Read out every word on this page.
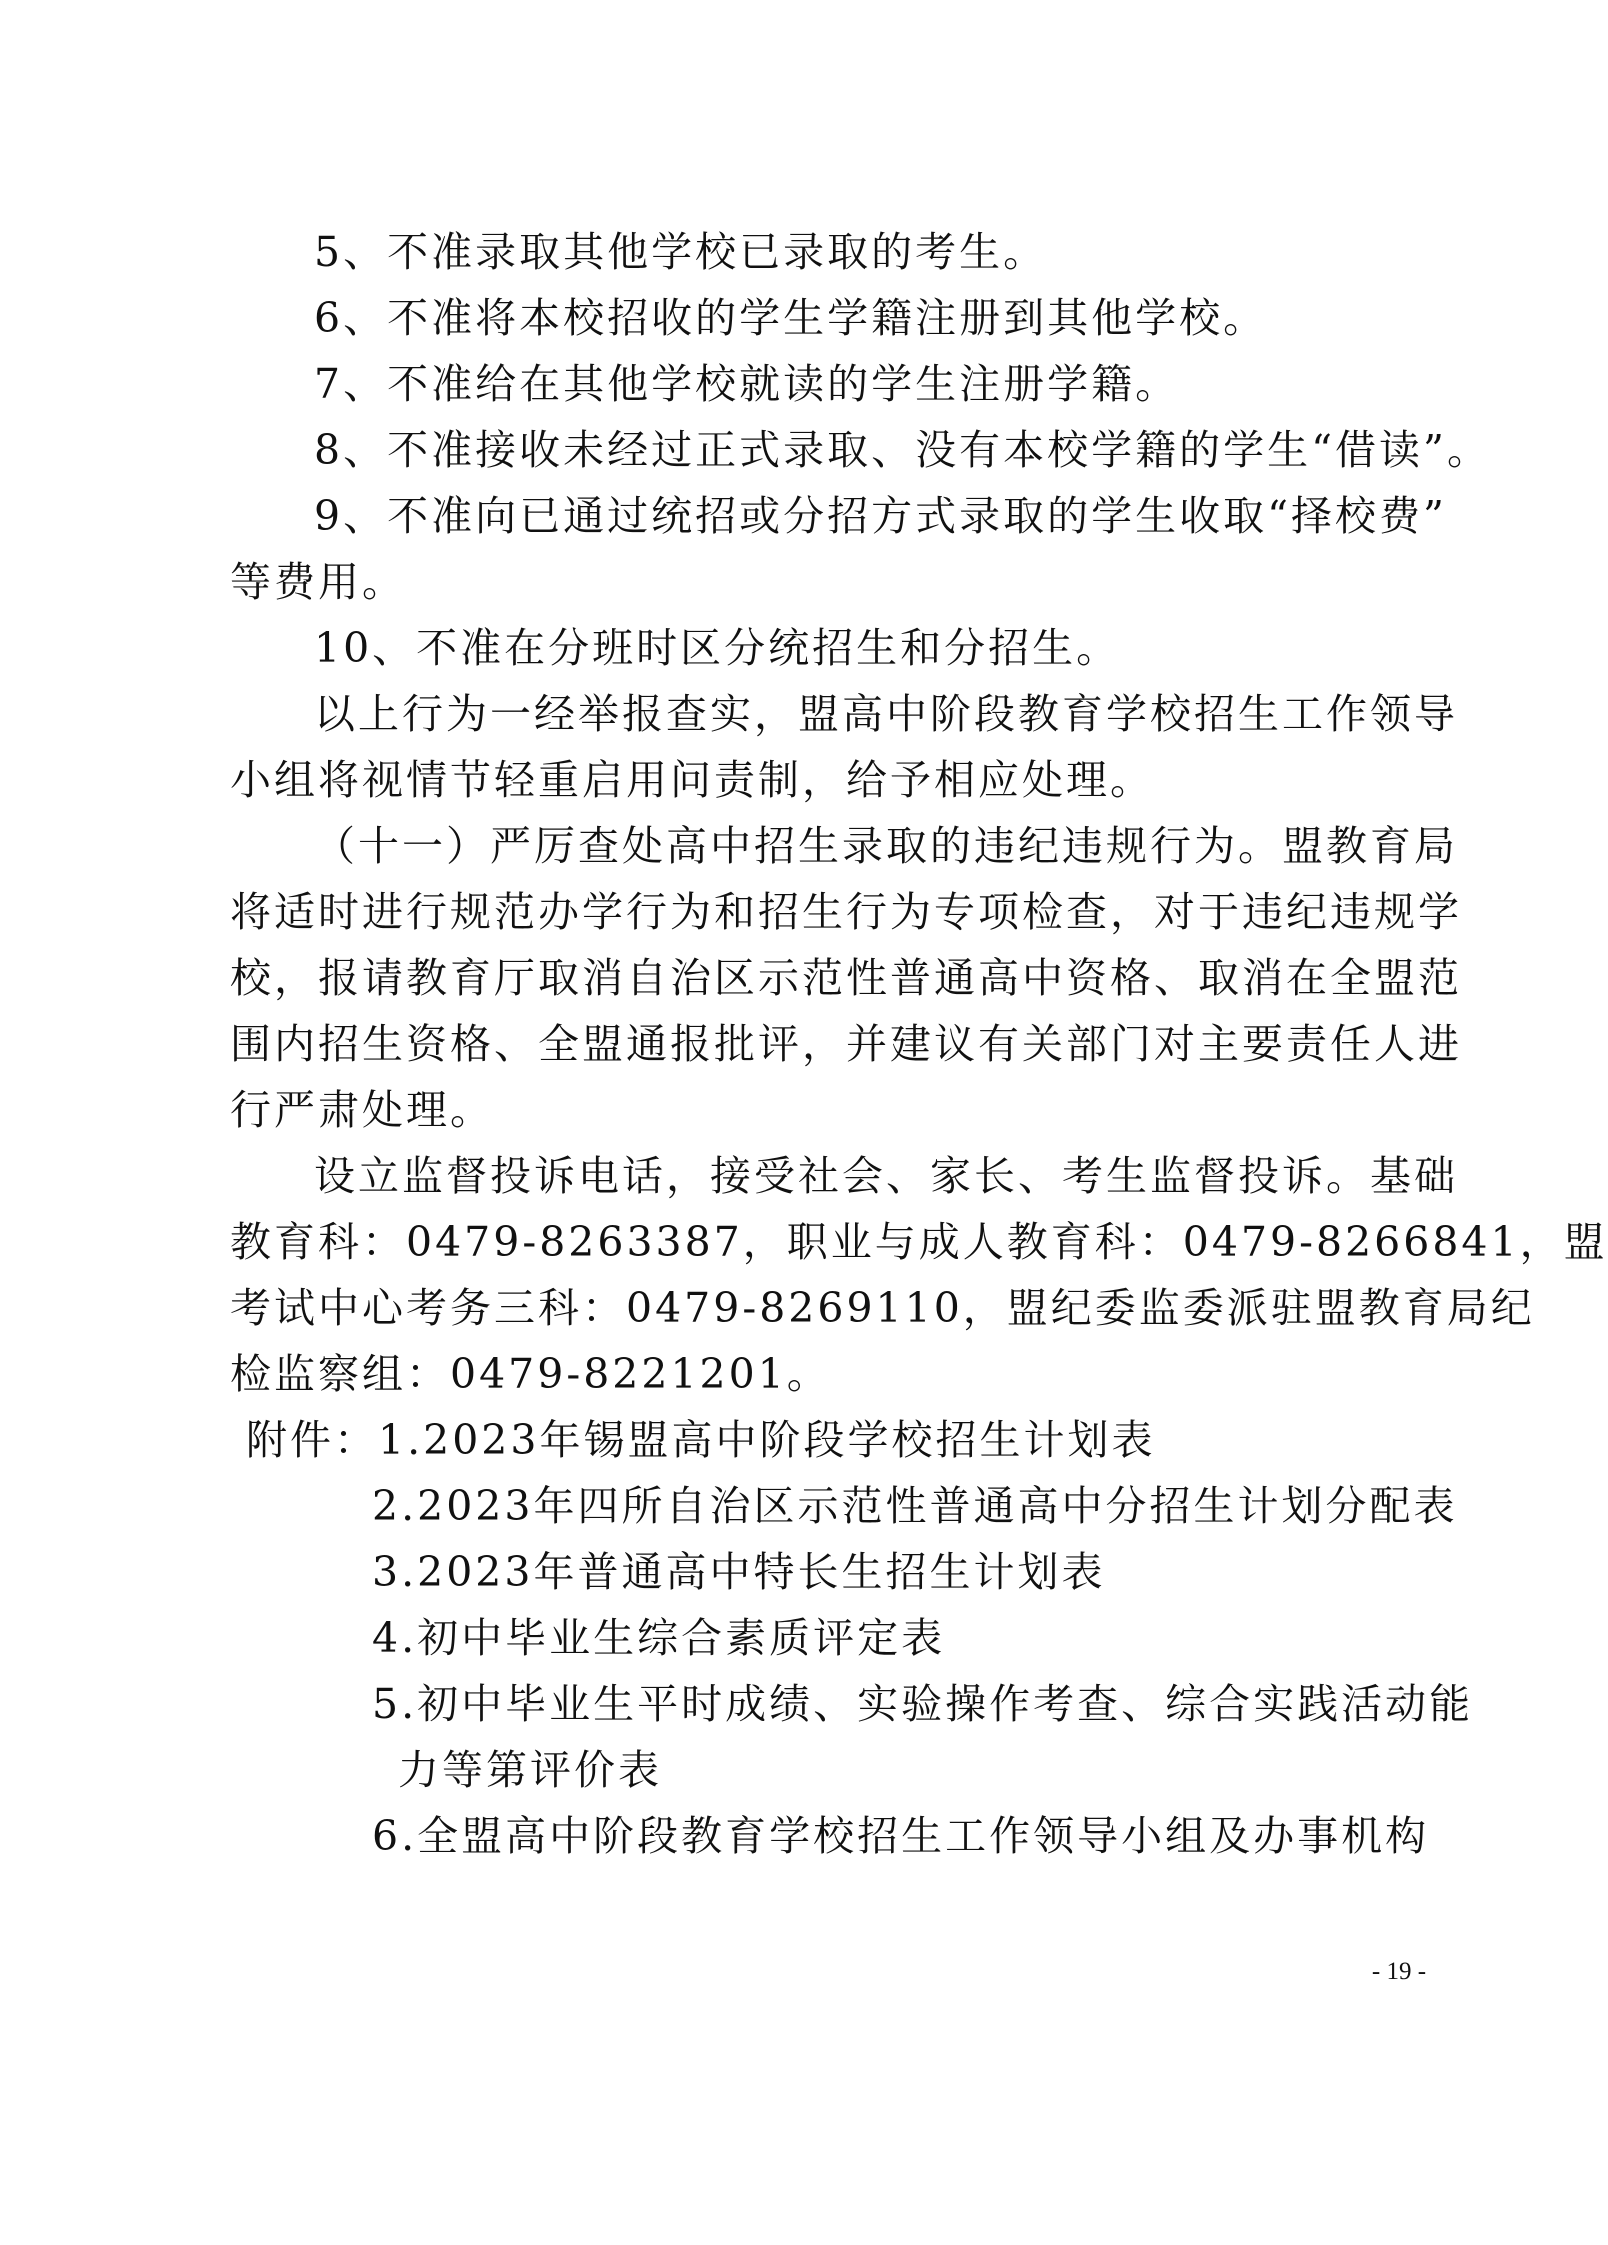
5、不准录取其他学校已录取的考生。
6、不准将本校招收的学生学籍注册到其他学校。
7、不准给在其他学校就读的学生注册学籍。
8、不准接收未经过正式录取、没有本校学籍的学生“借读”。
9、不准向已通过统招或分招方式录取的学生收取“择校费”
等费用。
10、不准在分班时区分统招生和分招生。
以上行为一经举报查实，盟高中阶段教育学校招生工作领导
小组将视情节轻重启用问责制，给予相应处理。
（十一）严厉查处高中招生录取的违纪违规行为。盟教育局
将适时进行规范办学行为和招生行为专项检查，对于违纪违规学
校，报请教育厅取消自治区示范性普通高中资格、取消在全盟范
围内招生资格、全盟通报批评，并建议有关部门对主要责任人进
行严肃处理。
设立监督投诉电话，接受社会、家长、考生监督投诉。基础
教育科：0479-8263387，职业与成人教育科：0479-8266841，盟
考试中心考务三科：0479-8269110，盟纪委监委派驻盟教育局纪
检监察组：0479-8221201。
附件：1.2023年锡盟高中阶段学校招生计划表
2.2023年四所自治区示范性普通高中分招生计划分配表
3.2023年普通高中特长生招生计划表
4.初中毕业生综合素质评定表
5.初中毕业生平时成绩、实验操作考查、综合实践活动能
力等第评价表
6.全盟高中阶段教育学校招生工作领导小组及办事机构
- 19 -
